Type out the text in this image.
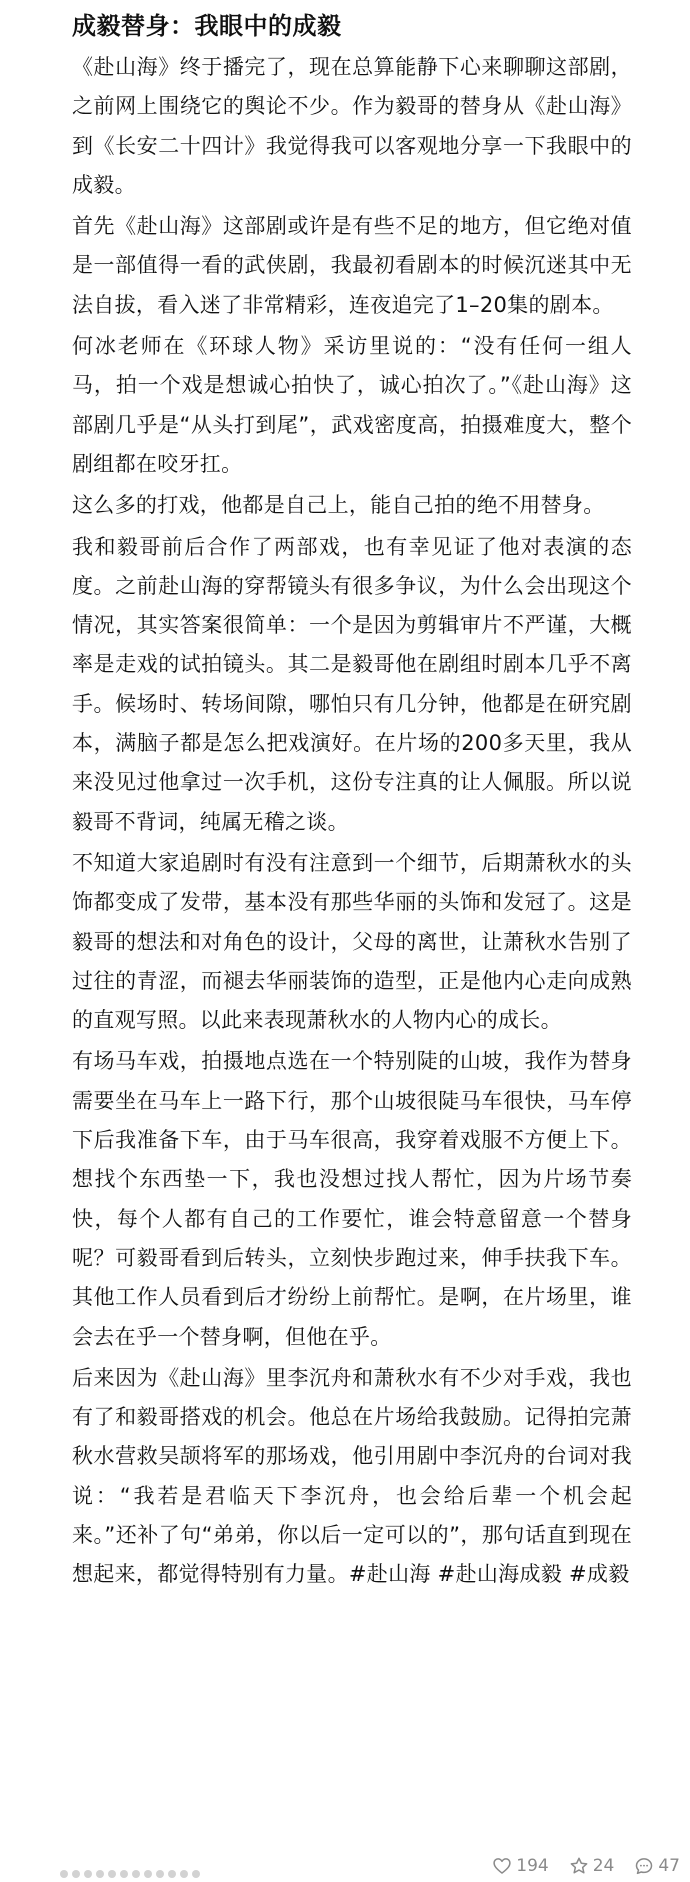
成毅替身：我眼中的成毅

《赴山海》终于播完了，现在总算能静下心来聊聊这部剧，之前网上围绕它的舆论不少。作为毅哥的替身从《赴山海》到《长安二十四计》我觉得我可以客观地分享一下我眼中的成毅。

首先《赴山海》这部剧或许是有些不足的地方，但它绝对值是一部值得一看的武侠剧，我最初看剧本的时候沉迷其中无法自拔，看入迷了非常精彩，连夜追完了1–20集的剧本。

何冰老师在《环球人物》采访里说的：“没有任何一组人马，拍一个戏是想诚心拍快了，诚心拍次了。”《赴山海》这部剧几乎是“从头打到尾”，武戏密度高，拍摄难度大，整个剧组都在咬牙扛。

这么多的打戏，他都是自己上，能自己拍的绝不用替身。

我和毅哥前后合作了两部戏，也有幸见证了他对表演的态度。之前赴山海的穿帮镜头有很多争议，为什么会出现这个情况，其实答案很简单：一个是因为剪辑审片不严谨，大概率是走戏的试拍镜头。其二是毅哥他在剧组时剧本几乎不离手。候场时、转场间隙，哪怕只有几分钟，他都是在研究剧本，满脑子都是怎么把戏演好。在片场的200多天里，我从来没见过他拿过一次手机，这份专注真的让人佩服。所以说毅哥不背词，纯属无稽之谈。

不知道大家追剧时有没有注意到一个细节，后期萧秋水的头饰都变成了发带，基本没有那些华丽的头饰和发冠了。这是毅哥的想法和对角色的设计，父母的离世，让萧秋水告别了过往的青涩，而褪去华丽装饰的造型，正是他内心走向成熟的直观写照。以此来表现萧秋水的人物内心的成长。

有场马车戏，拍摄地点选在一个特别陡的山坡，我作为替身需要坐在马车上一路下行，那个山坡很陡马车很快，马车停下后我准备下车，由于马车很高，我穿着戏服不方便上下。想找个东西垫一下，我也没想过找人帮忙，因为片场节奏快，每个人都有自己的工作要忙，谁会特意留意一个替身呢？可毅哥看到后转头，立刻快步跑过来，伸手扶我下车。其他工作人员看到后才纷纷上前帮忙。是啊，在片场里，谁会去在乎一个替身啊，但他在乎。

后来因为《赴山海》里李沉舟和萧秋水有不少对手戏，我也有了和毅哥搭戏的机会。他总在片场给我鼓励。记得拍完萧秋水营救吴颉将军的那场戏，他引用剧中李沉舟的台词对我说：“我若是君临天下李沉舟，也会给后辈一个机会起来。”还补了句“弟弟，你以后一定可以的”，那句话直到现在想起来，都觉得特别有力量。#赴山海 #赴山海成毅 #成毅

194	24	47
